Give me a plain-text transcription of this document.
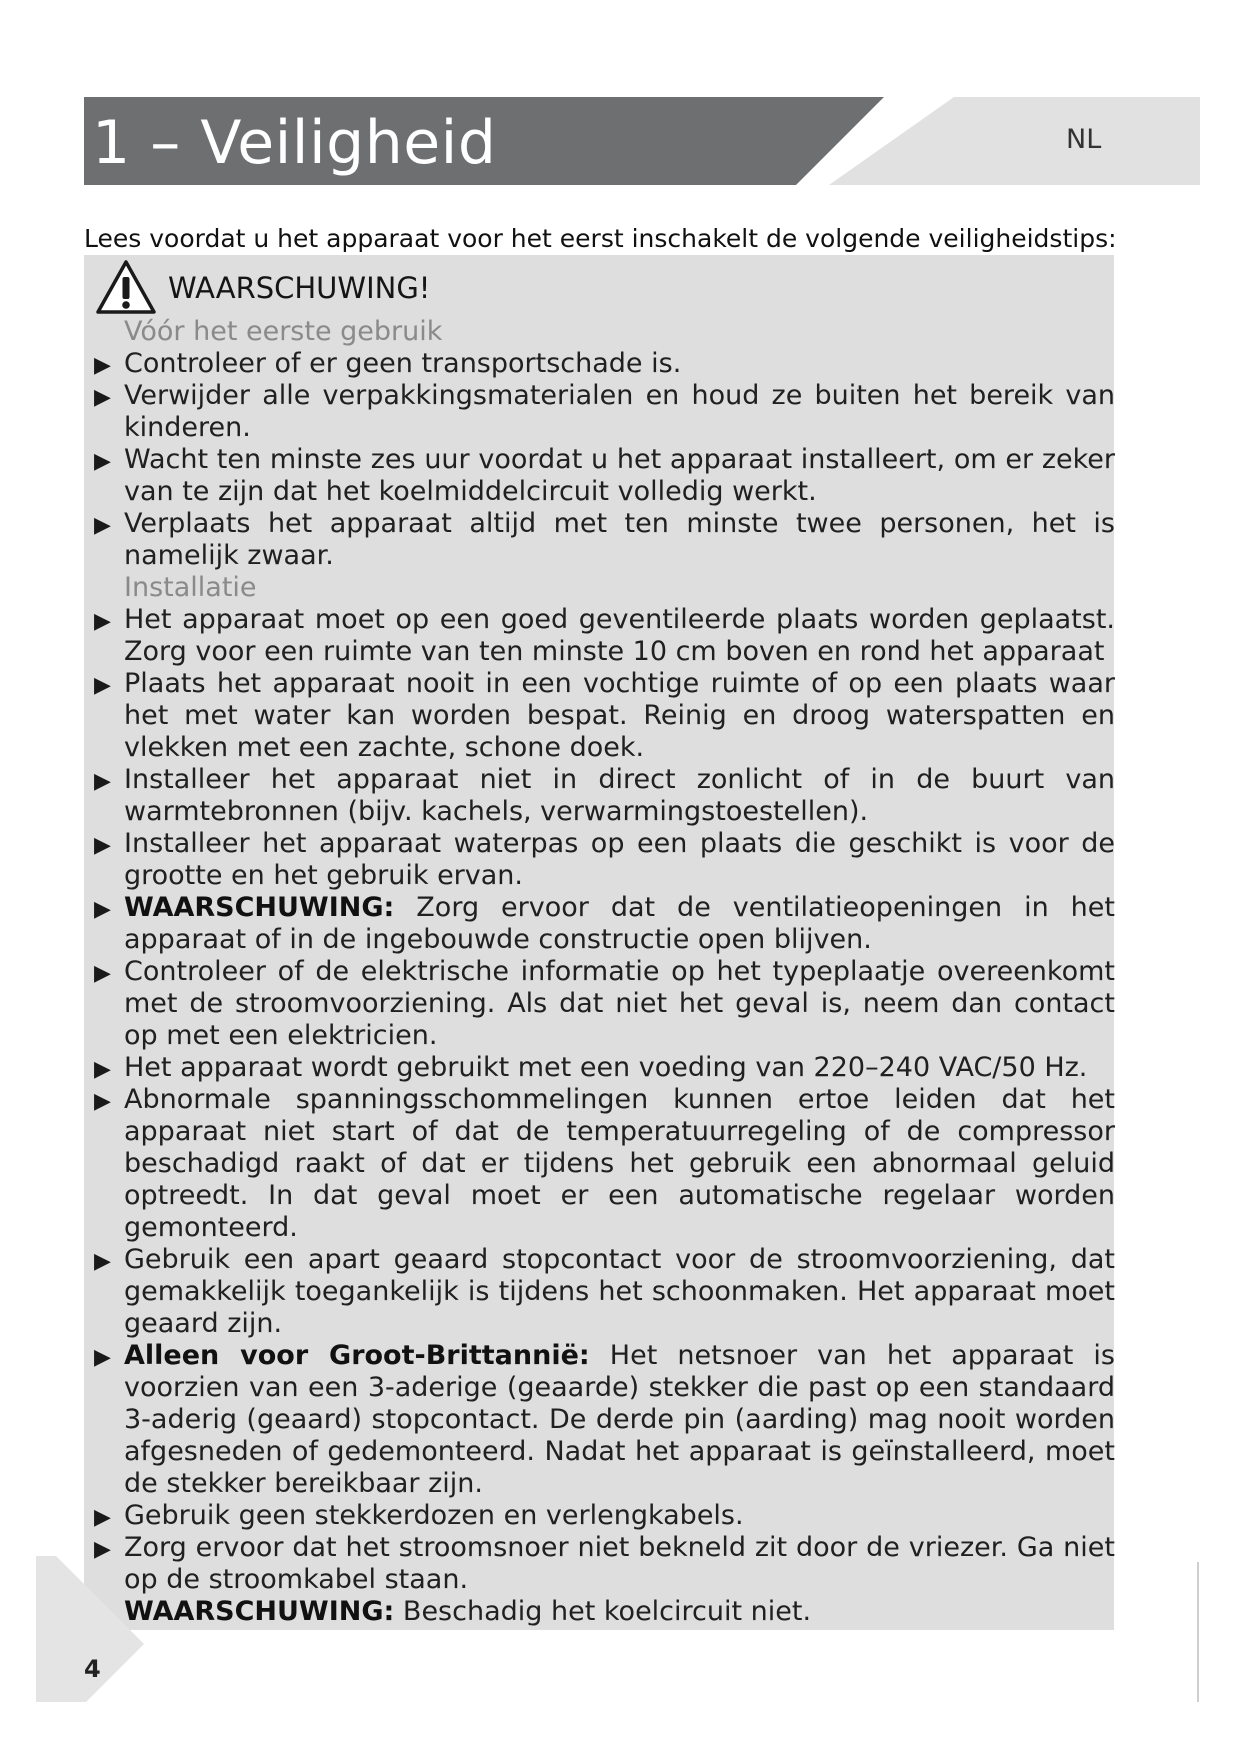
1 – Veiligheid	NL
Lees voordat u het apparaat voor het eerst inschakelt de volgende veiligheidstips:
WAARSCHUWING!

Vóór het eerste gebruik

▶ Controleer of er geen transportschade is.

▶ Verwijder alle verpakkingsmaterialen en houd ze buiten het bereik van kinderen.

▶ Wacht ten minste zes uur voordat u het apparaat installeert, om er zeker van te zijn dat het koelmiddelcircuit volledig werkt.

▶ Verplaats het apparaat altijd met ten minste twee personen, het is namelijk zwaar.

Installatie

▶ Het apparaat moet op een goed geventileerde plaats worden geplaatst. Zorg voor een ruimte van ten minste 10 cm boven en rond het apparaat

▶ Plaats het apparaat nooit in een vochtige ruimte of op een plaats waar het met water kan worden bespat. Reinig en droog waterspatten en vlekken met een zachte, schone doek.

▶ Installeer het apparaat niet in direct zonlicht of in de buurt van warmtebronnen (bijv. kachels, verwarmingstoestellen).

▶ Installeer het apparaat waterpas op een plaats die geschikt is voor de grootte en het gebruik ervan.

▶ WAARSCHUWING: Zorg ervoor dat de ventilatieopeningen in het apparaat of in de ingebouwde constructie open blijven.

▶ Controleer of de elektrische informatie op het typeplaatje overeenkomt met de stroomvoorziening. Als dat niet het geval is, neem dan contact op met een elektricien.

▶ Het apparaat wordt gebruikt met een voeding van 220–240 VAC/50 Hz.

▶ Abnormale spanningsschommelingen kunnen ertoe leiden dat het apparaat niet start of dat de temperatuurregeling of de compressor beschadigd raakt of dat er tijdens het gebruik een abnormaal geluid optreedt. In dat geval moet er een automatische regelaar worden gemonteerd.

▶ Gebruik een apart geaard stopcontact voor de stroomvoorziening, dat gemakkelijk toegankelijk is tijdens het schoonmaken. Het apparaat moet geaard zijn.

▶ Alleen voor Groot-Brittannië: Het netsnoer van het apparaat is voorzien van een 3-aderige (geaarde) stekker die past op een standaard 3-aderig (geaard) stopcontact. De derde pin (aarding) mag nooit worden afgesneden of gedemonteerd. Nadat het apparaat is geïnstalleerd, moet de stekker bereikbaar zijn.

▶ Gebruik geen stekkerdozen en verlengkabels.

▶ Zorg ervoor dat het stroomsnoer niet bekneld zit door de vriezer. Ga niet op de stroomkabel staan.

WAARSCHUWING: Beschadig het koelcircuit niet.

4
